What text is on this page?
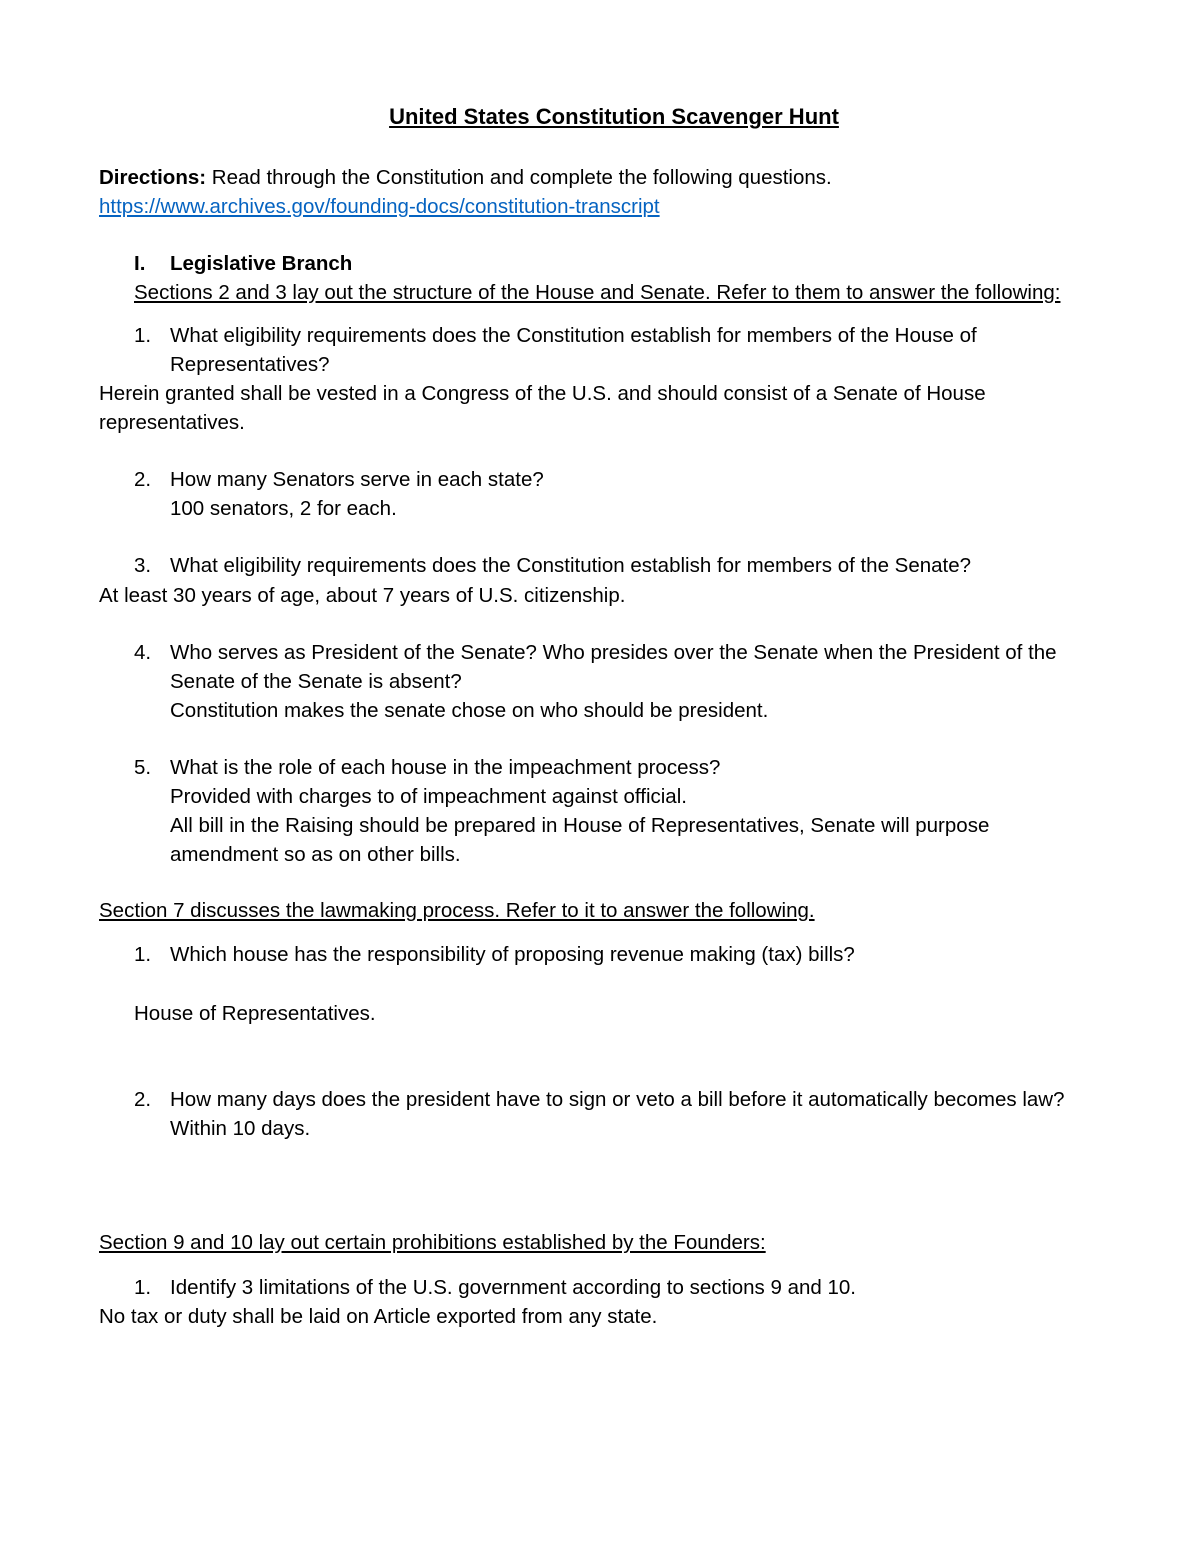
United States Constitution Scavenger Hunt
Directions: Read through the Constitution and complete the following questions.
https://www.archives.gov/founding-docs/constitution-transcript
I. Legislative Branch
Sections 2 and 3 lay out the structure of the House and Senate. Refer to them to answer the following:
1. What eligibility requirements does the Constitution establish for members of the House of
Representatives?
Herein granted shall be vested in a Congress of the U.S. and should consist of a Senate of House
representatives.
2. How many Senators serve in each state?
100 senators, 2 for each.
3. What eligibility requirements does the Constitution establish for members of the Senate?
At least 30 years of age, about 7 years of U.S. citizenship.
4. Who serves as President of the Senate? Who presides over the Senate when the President of the
Senate of the Senate is absent?
Constitution makes the senate chose on who should be president.
5. What is the role of each house in the impeachment process?
Provided with charges to of impeachment against official.
All bill in the Raising should be prepared in House of Representatives, Senate will purpose
amendment so as on other bills.
Section 7 discusses the lawmaking process. Refer to it to answer the following.
1. Which house has the responsibility of proposing revenue making (tax) bills?
House of Representatives.
2. How many days does the president have to sign or veto a bill before it automatically becomes law?
Within 10 days.
Section 9 and 10 lay out certain prohibitions established by the Founders:
1. Identify 3 limitations of the U.S. government according to sections 9 and 10.
No tax or duty shall be laid on Article exported from any state.
